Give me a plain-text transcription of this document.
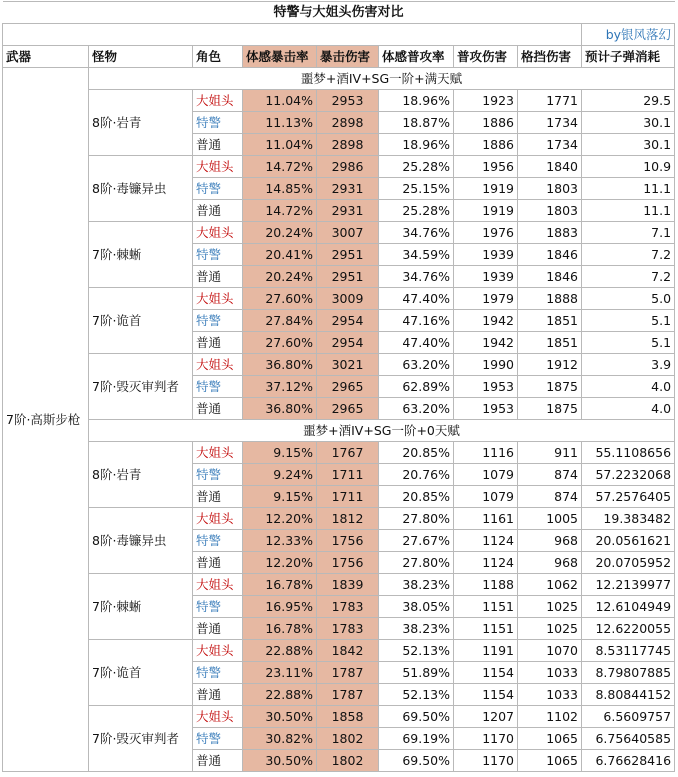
特警与大姐头伤害对比								
								by银风落幻
武器	怪物	角色	体感暴击率	暴击伤害	体感普攻率	普攻伤害	格挡伤害	预计子弹消耗
7阶·高斯步枪	噩梦+酒IV+SG一阶+满天赋							
	8阶·岩青	大姐头	11.04%	2953	18.96%	1923	1771	29.5
		特警	11.13%	2898	18.87%	1886	1734	30.1
		普通	11.04%	2898	18.96%	1886	1734	30.1
	8阶·毒镰异虫	大姐头	14.72%	2986	25.28%	1956	1840	10.9
		特警	14.85%	2931	25.15%	1919	1803	11.1
		普通	14.72%	2931	25.28%	1919	1803	11.1
	7阶·棘蜥	大姐头	20.24%	3007	34.76%	1976	1883	7.1
		特警	20.41%	2951	34.59%	1939	1846	7.2
		普通	20.24%	2951	34.76%	1939	1846	7.2
	7阶·诡首	大姐头	27.60%	3009	47.40%	1979	1888	5.0
		特警	27.84%	2954	47.16%	1942	1851	5.1
		普通	27.60%	2954	47.40%	1942	1851	5.1
	7阶·毁灭审判者	大姐头	36.80%	3021	63.20%	1990	1912	3.9
		特警	37.12%	2965	62.89%	1953	1875	4.0
		普通	36.80%	2965	63.20%	1953	1875	4.0
	噩梦+酒IV+SG一阶+0天赋							
	8阶·岩青	大姐头	9.15%	1767	20.85%	1116	911	55.1108656
		特警	9.24%	1711	20.76%	1079	874	57.2232068
		普通	9.15%	1711	20.85%	1079	874	57.2576405
	8阶·毒镰异虫	大姐头	12.20%	1812	27.80%	1161	1005	19.383482
		特警	12.33%	1756	27.67%	1124	968	20.0561621
		普通	12.20%	1756	27.80%	1124	968	20.0705952
	7阶·棘蜥	大姐头	16.78%	1839	38.23%	1188	1062	12.2139977
		特警	16.95%	1783	38.05%	1151	1025	12.6104949
		普通	16.78%	1783	38.23%	1151	1025	12.6220055
	7阶·诡首	大姐头	22.88%	1842	52.13%	1191	1070	8.53117745
		特警	23.11%	1787	51.89%	1154	1033	8.79807885
		普通	22.88%	1787	52.13%	1154	1033	8.80844152
	7阶·毁灭审判者	大姐头	30.50%	1858	69.50%	1207	1102	6.5609757
		特警	30.82%	1802	69.19%	1170	1065	6.75640585
		普通	30.50%	1802	69.50%	1170	1065	6.76628416
